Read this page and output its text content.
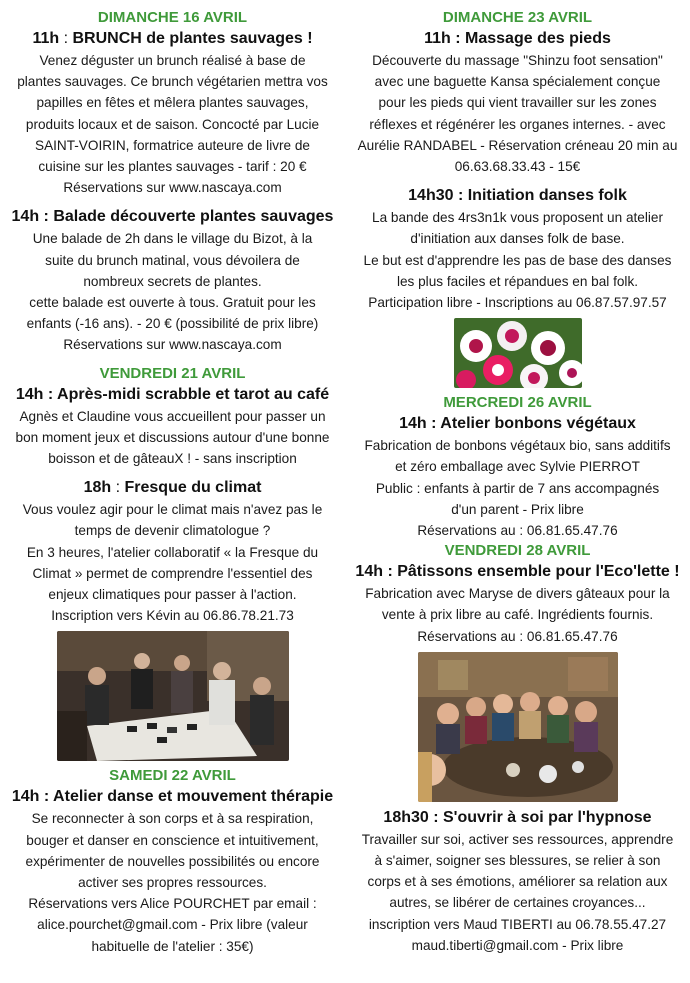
DIMANCHE 16 AVRIL

11h : BRUNCH de plantes sauvages !

Venez déguster un brunch réalisé à base de

plantes sauvages. Ce brunch végétarien mettra vos

papilles en fêtes et mêlera plantes sauvages,

produits locaux et de saison. Concocté par Lucie

SAINT-VOIRIN, formatrice auteure de livre de

cuisine sur les plantes sauvages - tarif : 20 €

Réservations sur www.nascaya.com

14h : Balade découverte plantes sauvages

Une balade de 2h dans le village du Bizot, à la

suite du brunch matinal, vous dévoilera de

nombreux secrets de plantes.

cette balade est ouverte à tous. Gratuit pour les

enfants (-16 ans). - 20 € (possibilité de prix libre)

Réservations sur www.nascaya.com

VENDREDI 21 AVRIL

14h : Après-midi scrabble et tarot au café

Agnès et Claudine vous accueillent pour passer un

bon moment jeux et discussions autour d'une bonne

boisson et de gâteauX ! - sans inscription

18h : Fresque du climat

Vous voulez agir pour le climat mais n'avez pas le

temps de devenir climatologue ?

En 3 heures, l'atelier collaboratif « la Fresque du

Climat » permet de comprendre l'essentiel des

enjeux climatiques pour passer à l'action.

Inscription vers Kévin au 06.86.78.21.73

SAMEDI 22 AVRIL

14h : Atelier danse et mouvement thérapie

Se reconnecter à son corps et à sa respiration,

bouger et danser en conscience et intuitivement,

expérimenter de nouvelles possibilités ou encore

activer ses propres ressources.

Réservations vers Alice POURCHET par email :

alice.pourchet@gmail.com - Prix libre (valeur

habituelle de l'atelier : 35€)

DIMANCHE 23 AVRIL

11h : Massage des pieds

Découverte du massage "Shinzu foot sensation"

avec une baguette Kansa spécialement conçue

pour les pieds qui vient travailler sur les zones

réflexes et régénérer les organes internes. - avec

Aurélie RANDABEL - Réservation créneau 20 min au

06.63.68.33.43 - 15€

14h30 : Initiation danses folk

La bande des 4rs3n1k vous proposent un atelier

d'initiation aux danses folk de base.

Le but est d'apprendre les pas de base des danses

les plus faciles et répandues en bal folk.

Participation libre - Inscriptions au 06.87.57.97.57

MERCREDI 26 AVRIL

14h : Atelier bonbons végétaux

Fabrication de bonbons végétaux bio, sans additifs

et zéro emballage avec Sylvie PIERROT

Public : enfants à partir de 7 ans accompagnés

d'un parent - Prix libre

Réservations au : 06.81.65.47.76

VENDREDI 28 AVRIL

14h : Pâtissons ensemble pour l'Eco'lette !

Fabrication avec Maryse de divers gâteaux pour la

vente à prix libre au café. Ingrédients fournis.

Réservations au : 06.81.65.47.76

18h30 : S'ouvrir à soi par l'hypnose

Travailler sur soi, activer ses ressources, apprendre

à s'aimer, soigner ses blessures, se relier à son

corps et à ses émotions, améliorer sa relation aux

autres, se libérer de certaines croyances...

inscription vers Maud TIBERTI au 06.78.55.47.27

maud.tiberti@gmail.com - Prix libre
